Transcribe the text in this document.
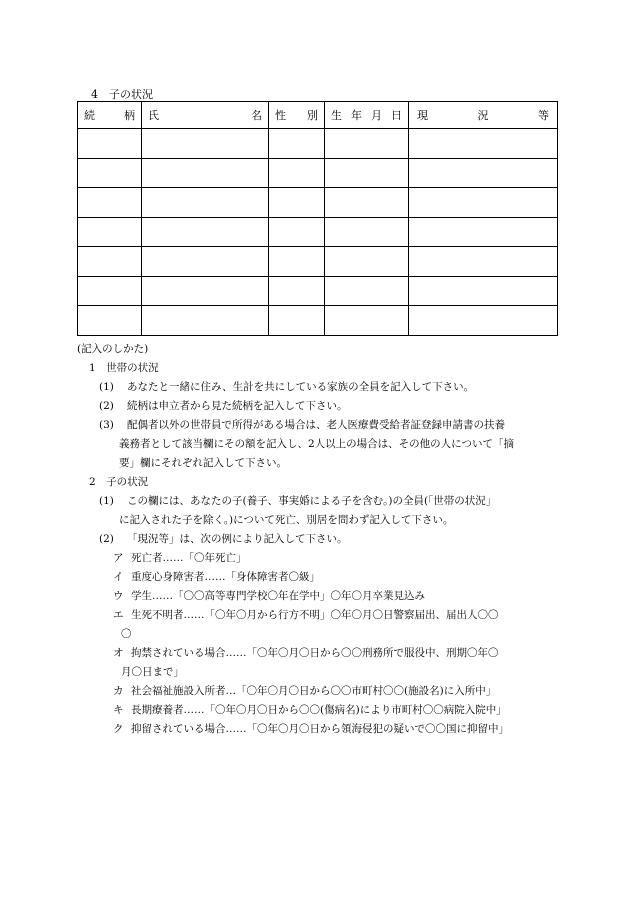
4 子の状況
続 柄	氏 名	性 別	生 年 月 日	現 況 等

(記入のしかた)
1　 世帯の状況
(1) あなたと一緒に住み、生計を共にしている家族の全員を記入して下さい。
(2) 続柄は申立者から見た続柄を記入して下さい。
(3) 配偶者以外の世帯員で所得がある場合は、老人医療費受給者証登録申請書の扶養
義務者として該当欄にその額を記入し、2人以上の場合は、その他の人について「摘
要」欄にそれぞれ記入して下さい。
2　 子の状況
(1) この欄には、あなたの子(養子、事実婚による子を含む。)の全員(「世帯の状況」
に記入された子を除く。)について死亡、別居を問わず記入して下さい。
(2) 「現況等」は、次の例により記入して下さい。
ア 死亡者……「〇年死亡」
イ 重度心身障害者……「身体障害者〇級」
ウ 学生……「〇〇高等専門学校〇年在学中」〇年〇月卒業見込み
エ 生死不明者……「〇年〇月から行方不明」〇年〇月〇日警察届出、届出人〇〇
〇
オ 拘禁されている場合……「〇年〇月〇日から〇〇刑務所で服役中、刑期〇年〇
月〇日まで」
カ 社会福祉施設入所者…「〇年〇月〇日から〇〇市町村〇〇(施設名)に入所中」
キ 長期療養者……「〇年〇月〇日から〇〇(傷病名)により市町村〇〇病院入院中」
ク 抑留されている場合……「〇年〇月〇日から領海侵犯の疑いで〇〇国に抑留中」
